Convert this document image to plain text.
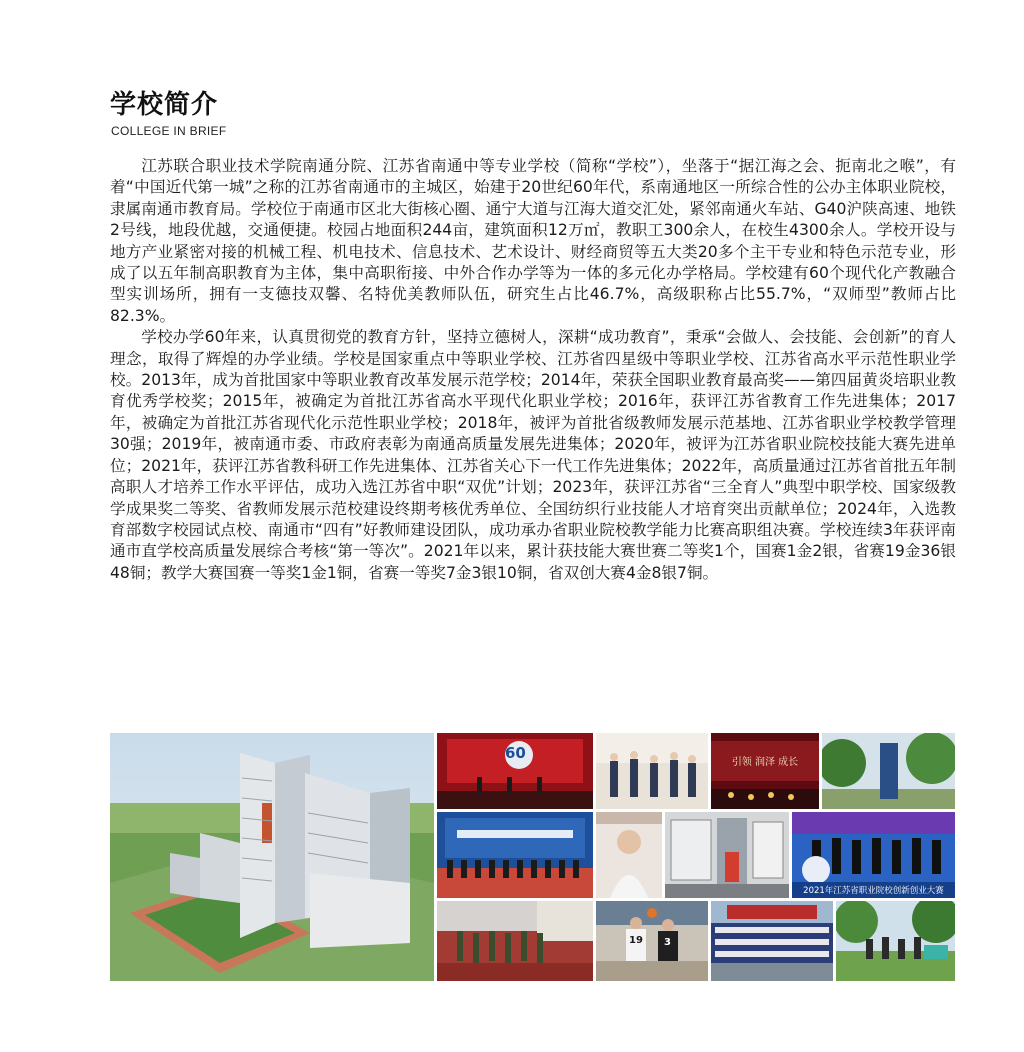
学校简介
COLLEGE IN BRIEF

江苏联合职业技术学院南通分院、江苏省南通中等专业学校（简称“学校”），坐落于“据江海之会、扼南北之喉”，有着“中国近代第一城”之称的江苏省南通市的主城区，始建于20世纪60年代，系南通地区一所综合性的公办主体职业院校，隶属南通市教育局。学校位于南通市区北大街核心圈、通宁大道与江海大道交汇处，紧邻南通火车站、G40沪陕高速、地铁2号线，地段优越，交通便捷。校园占地面积244亩，建筑面积12万㎡，教职工300余人，在校生4300余人。学校开设与地方产业紧密对接的机械工程、机电技术、信息技术、艺术设计、财经商贸等五大类20多个主干专业和特色示范专业，形成了以五年制高职教育为主体，集中高职衔接、中外合作办学等为一体的多元化办学格局。学校建有60个现代化产教融合型实训场所，拥有一支德技双馨、名特优美教师队伍，研究生占比46.7%，高级职称占比55.7%，“双师型”教师占比82.3%。

学校办学60年来，认真贯彻党的教育方针，坚持立德树人，深耕“成功教育”，秉承“会做人、会技能、会创新”的育人理念，取得了辉煌的办学业绩。学校是国家重点中等职业学校、江苏省四星级中等职业学校、江苏省高水平示范性职业学校。2013年，成为首批国家中等职业教育改革发展示范学校；2014年，荣获全国职业教育最高奖——第四届黄炎培职业教育优秀学校奖；2015年，被确定为首批江苏省高水平现代化职业学校；2016年，获评江苏省教育工作先进集体；2017年，被确定为首批江苏省现代化示范性职业学校；2018年，被评为首批省级教师发展示范基地、江苏省职业学校教学管理30强；2019年，被南通市委、市政府表彰为南通高质量发展先进集体；2020年，被评为江苏省职业院校技能大赛先进单位；2021年，获评江苏省教科研工作先进集体、江苏省关心下一代工作先进集体；2022年，高质量通过江苏省首批五年制高职人才培养工作水平评估，成功入选江苏省中职“双优”计划；2023年，获评江苏省“三全育人”典型中职学校、国家级教学成果奖二等奖、省教师发展示范校建设终期考核优秀单位、全国纺织行业技能人才培育突出贡献单位；2024年，入选教育部数字校园试点校、南通市“四有”好教师建设团队，成功承办省职业院校教学能力比赛高职组决赛。学校连续3年获评南通市直学校高质量发展综合考核“第一等次”。2021年以来，累计获技能大赛世赛二等奖1个，国赛1金2银，省赛19金36银48铜；教学大赛国赛一等奖1金1铜，省赛一等奖7金3银10铜，省双创大赛4金8银7铜。

60
引领 润泽 成长
2021年江苏省职业院校创新创业大赛
19 3
